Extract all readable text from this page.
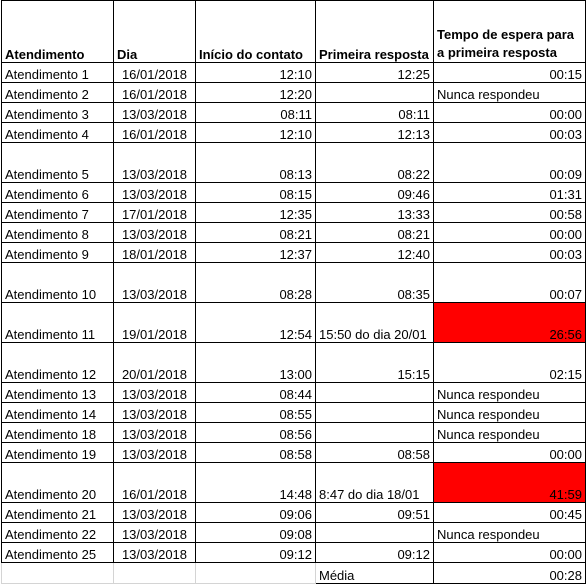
Atendimento	Dia	Início do contato	Primeira resposta	Tempo de espera para a primeira resposta
Atendimento 1	16/01/2018	12:10	12:25	00:15
Atendimento 2	16/01/2018	12:20		Nunca respondeu
Atendimento 3	13/03/2018	08:11	08:11	00:00
Atendimento 4	16/01/2018	12:10	12:13	00:03
Atendimento 5	13/03/2018	08:13	08:22	00:09
Atendimento 6	13/03/2018	08:15	09:46	01:31
Atendimento 7	17/01/2018	12:35	13:33	00:58
Atendimento 8	13/03/2018	08:21	08:21	00:00
Atendimento 9	18/01/2018	12:37	12:40	00:03
Atendimento 10	13/03/2018	08:28	08:35	00:07
Atendimento 11	19/01/2018	12:54	15:50 do dia 20/01	26:56
Atendimento 12	20/01/2018	13:00	15:15	02:15
Atendimento 13	13/03/2018	08:44		Nunca respondeu
Atendimento 14	13/03/2018	08:55		Nunca respondeu
Atendimento 18	13/03/2018	08:56		Nunca respondeu
Atendimento 19	13/03/2018	08:58	08:58	00:00
Atendimento 20	16/01/2018	14:48	8:47 do dia 18/01	41:59
Atendimento 21	13/03/2018	09:06	09:51	00:45
Atendimento 22	13/03/2018	09:08		Nunca respondeu
Atendimento 25	13/03/2018	09:12	09:12	00:00
			Média	00:28
